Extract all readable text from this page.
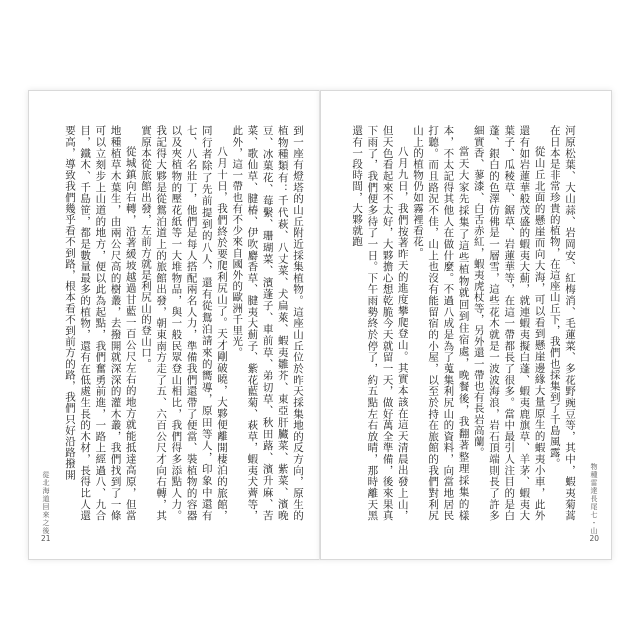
到一座有燈塔的山丘附近採集植物。這座山丘位於昨天採集地的反方向，原生的植物種類有：千代萩、八丈菜、犬扁萊、蝦夷雛芥、東亞肝臟菜、紫菜、濱晚豆、冰菓花、莓繫、珊瑚菜、濱蓬子、車前草、弟切草、秋田蕗、濱升麻、苦菜、歌仙草、腱椿、伊吹麝香草、腱夷大薊子、紫花藍菊、萩草，蝦夷犬薺等，此外，這一帶也有不少來自國外的歐洲千里光。

八月十日，我們終於要爬利尻山了。天才剛破曉，大夥便離開棲泊的旅館，同行者除了先前提到的八人，還有從鴛泊請來的嚮導，原田等人，印象中還有七、八名壯丁，他們是每人搭配兩名人力，準備我們還帶了便當、裝植物的容器以及夾植物的壓花紙等一大堆物品，與一般民眾登山相比，我們得多添點人力。我記得大夥是從鴛泊道上的旅館出發，朝東南方走了五、六百公尺才向右轉，其實原本從旅館出發，左前方就是利尻山的登山口。

從城鎮向右轉，沿著緩坡越過甘藍一百公尺左右的地方就能抵達高原，但當地種植草木葉生，由兩公尺高的樹叢，去撥開就深深的灌木叢，我們找到了一條可以立刻步上山道的地方，便以此為起點，我們奮勇前進，一路上經過八、九合目，鐵木、千島笹，都是數量最多的植物，還有在低處生長的木材，長得比人還要高，導致我們幾乎看不到路，根本看不到前方的路，我們只好沿路撥開

從北海道回來之後
21

河原松葉、大山蒜、岩岡安、紅梅消、毛蓮菜、多花野豌豆等，其中，蝦夷菊蒿在日本是非常珍貴的植物，在這座山丘下，我們也採集到了千島風露。

從山丘北面的懸崖而向大海，可以看到懸崖邊緣大量原生的蝦夷小車，此外還有如岩蓮華般茂盛的蝦夷大薊，就連蝦夷擬白蓬、蝦夷鹿旗草、羊茅、蝦夷大葉子、瓜稜草、鋸草、岩蓮華等，在這一帶都長了很多。當中最引人注目的是白蓬、銀白的色澤仿佛是一層雪，這些花木就是一波波海浪，岩石頂端則長了許多細實香、蓼漆、白舌赤紅，蝦夷虎杖等，另外還一帶也有長岩高蘭。

當天大家先採集了這些植物就回到住宿處，晚餐後，我翻著整理採集的樣本，不太記得其他人在做什麼。不過八成是為了蒐集利尻山的資料，向當地居民打聽。而且路況不佳，山上也沒有能留宿的小屋，以至於持在旅館的我們對利尻山上的植物仍如霧裡看花。

八月九日，我們按著昨天的進度攀爬登山。其實本該在這天清晨出發上山，但天色看起來不太好，大夥擔心想乾脆今天就留一天，做好萬全準備，後來果真下雨了，我們便多待了一日。下午雨勢終於停了，約五點左右放晴，那時離天黑還有一段時間，大夥就跑

物種雷達長尾七・山
20
